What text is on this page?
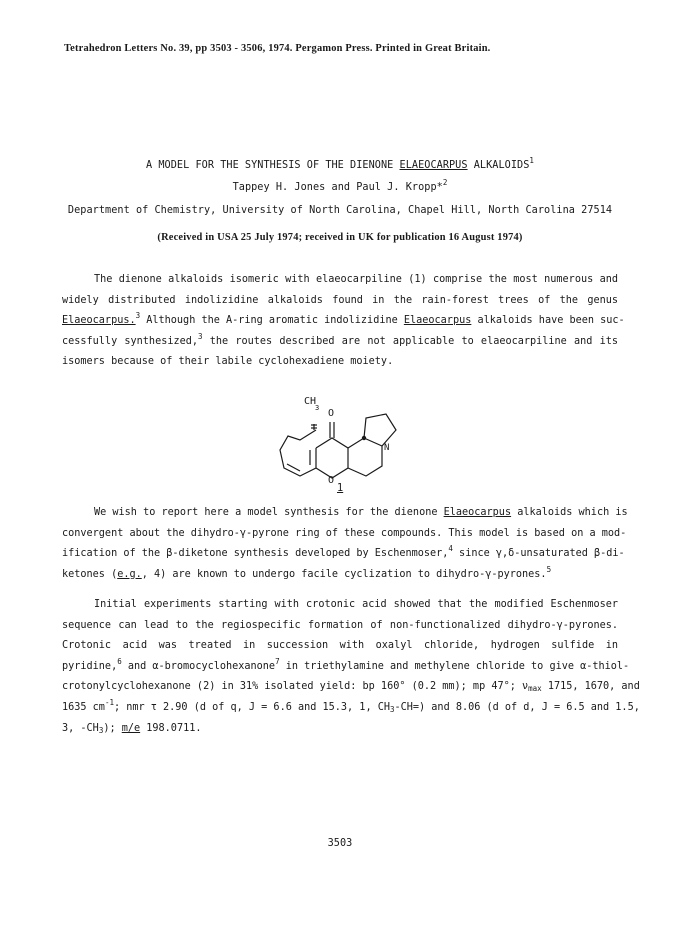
Tetrahedron Letters No. 39, pp 3503 - 3506, 1974. Pergamon Press. Printed in Great Britain.
A MODEL FOR THE SYNTHESIS OF THE DIENONE ELAEOCARPUS ALKALOIDS$^1$
Tappey H. Jones and Paul J. Kropp*$^2$
Department of Chemistry, University of North Carolina, Chapel Hill, North Carolina 27514
(Received in USA 25 July 1974; received in UK for publication 16 August 1974)
The dienone alkaloids isomeric with elaeocarpiline (1) comprise the most numerous and
widely distributed indolizidine alkaloids found in the rain-forest trees of the genus
Elaeocarpus.$^3$ Although the A-ring aromatic indolizidine Elaeocarpus alkaloids have been suc-
cessfully synthesized,$^3$ the routes described are not applicable to elaeocarpiline and its
isomers because of their labile cyclohexadiene moiety.
CH
3 O
N
O
1
We wish to report here a model synthesis for the dienone Elaeocarpus alkaloids which is
convergent about the dihydro-γ-pyrone ring of these compounds. This model is based on a mod-
ification of the β-diketone synthesis developed by Eschenmoser,$^4$ since γ,δ-unsaturated β-di-
ketones (e.g., 4) are known to undergo facile cyclization to dihydro-γ-pyrones.$^5$
Initial experiments starting with crotonic acid showed that the modified Eschenmoser
sequence can lead to the regiospecific formation of non-functionalized dihydro-γ-pyrones.
Crotonic acid was treated in succession with oxalyl chloride, hydrogen sulfide in
pyridine,$^6$ and α-bromocyclohexanone$^7$ in triethylamine and methylene chloride to give α-thiol-
crotonylcyclohexanone (2) in 31% isolated yield: bp 160° (0.2 mm); mp 47°; $\nu_{max}$ 1715, 1670, and
1635 $cm^{-1}$; nmr τ 2.90 (d of q, J = 6.6 and 15.3, 1, $CH_3-CH=$) and 8.06 (d of d, J = 6.5 and 1.5,
3, $-CH_3$); m/e 198.0711.
3503
